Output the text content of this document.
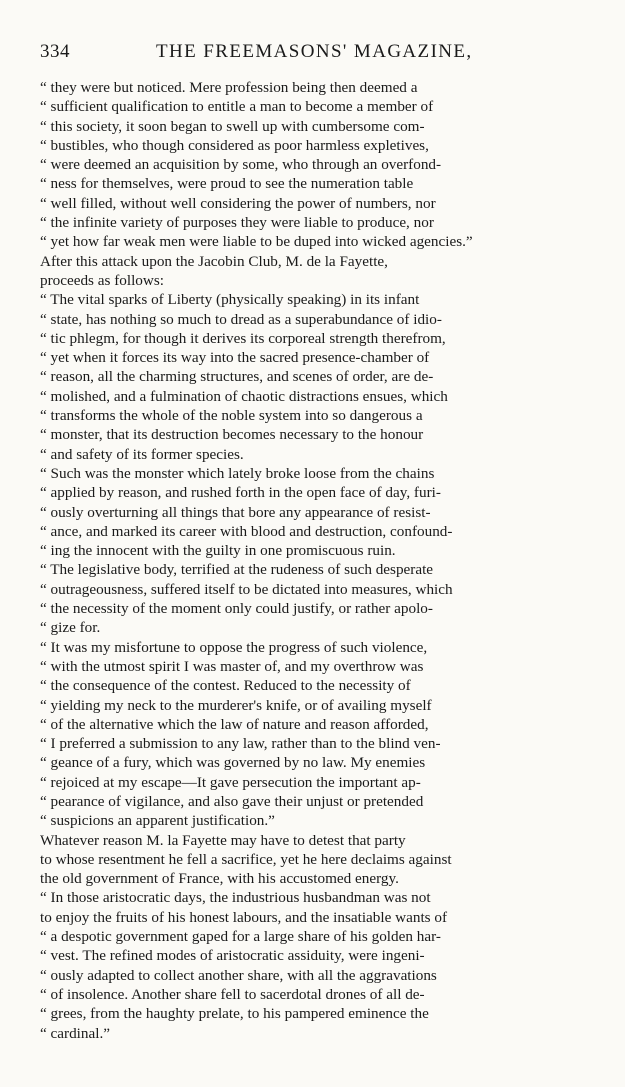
334	THE FREEMASONS' MAGAZINE,
“ they were but noticed. Mere profession being then deemed a
“ sufficient qualification to entitle a man to become a member of
“ this society, it soon began to swell up with cumbersome com-
“ bustibles, who though considered as poor harmless expletives,
“ were deemed an acquisition by some, who through an overfond-
“ ness for themselves, were proud to see the numeration table
“ well filled, without well considering the power of numbers, nor
“ the infinite variety of purposes they were liable to produce, nor
“ yet how far weak men were liable to be duped into wicked agencies.”
After this attack upon the Jacobin Club, M. de la Fayette,
proceeds as follows:
“ The vital sparks of Liberty (physically speaking) in its infant
“ state, has nothing so much to dread as a superabundance of idio-
“ tic phlegm, for though it derives its corporeal strength therefrom,
“ yet when it forces its way into the sacred presence-chamber of
“ reason, all the charming structures, and scenes of order, are de-
“ molished, and a fulmination of chaotic distractions ensues, which
“ transforms the whole of the noble system into so dangerous a
“ monster, that its destruction becomes necessary to the honour
“ and safety of its former species.
“ Such was the monster which lately broke loose from the chains
“ applied by reason, and rushed forth in the open face of day, furi-
“ ously overturning all things that bore any appearance of resist-
“ ance, and marked its career with blood and destruction, confound-
“ ing the innocent with the guilty in one promiscuous ruin.
“ The legislative body, terrified at the rudeness of such desperate
“ outrageousness, suffered itself to be dictated into measures, which
“ the necessity of the moment only could justify, or rather apolo-
“ gize for.
“ It was my misfortune to oppose the progress of such violence,
“ with the utmost spirit I was master of, and my overthrow was
“ the consequence of the contest. Reduced to the necessity of
“ yielding my neck to the murderer's knife, or of availing myself
“ of the alternative which the law of nature and reason afforded,
“ I preferred a submission to any law, rather than to the blind ven-
“ geance of a fury, which was governed by no law. My enemies
“ rejoiced at my escape—It gave persecution the important ap-
“ pearance of vigilance, and also gave their unjust or pretended
“ suspicions an apparent justification.”
Whatever reason M. la Fayette may have to detest that party
to whose resentment he fell a sacrifice, yet he here declaims against
the old government of France, with his accustomed energy.
“ In those aristocratic days, the industrious husbandman was not
to enjoy the fruits of his honest labours, and the insatiable wants of
“ a despotic government gaped for a large share of his golden har-
“ vest. The refined modes of aristocratic assiduity, were ingeni-
“ ously adapted to collect another share, with all the aggravations
“ of insolence. Another share fell to sacerdotal drones of all de-
“ grees, from the haughty prelate, to his pampered eminence the
“ cardinal.”
